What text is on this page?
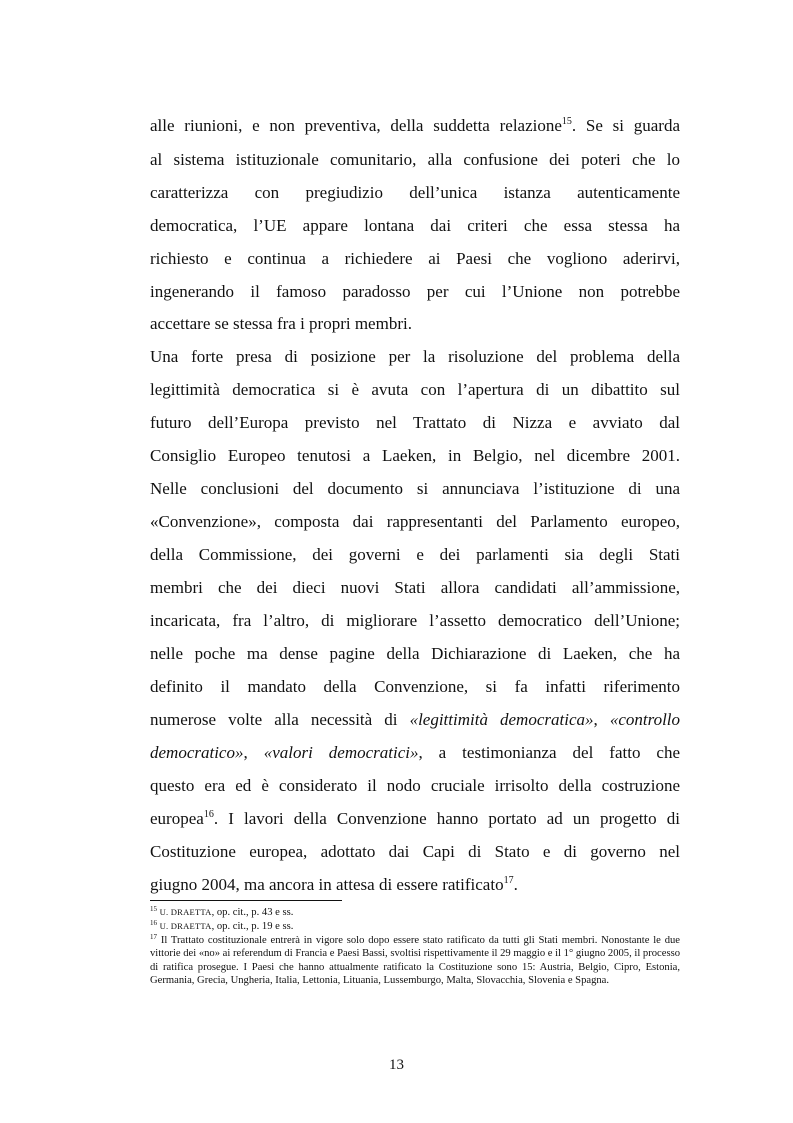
alle riunioni, e non preventiva, della suddetta relazione$^{15}$. Se si guarda
al sistema istituzionale comunitario, alla confusione dei poteri che lo
caratterizza con pregiudizio dell’unica istanza autenticamente
democratica, l’UE appare lontana dai criteri che essa stessa ha
richiesto e continua a richiedere ai Paesi che vogliono aderirvi,
ingenerando il famoso paradosso per cui l’Unione non potrebbe
accettare se stessa fra i propri membri.
Una forte presa di posizione per la risoluzione del problema della
legittimità democratica si è avuta con l’apertura di un dibattito sul
futuro dell’Europa previsto nel Trattato di Nizza e avviato dal
Consiglio Europeo tenutosi a Laeken, in Belgio, nel dicembre 2001.
Nelle conclusioni del documento si annunciava l’istituzione di una
«Convenzione», composta dai rappresentanti del Parlamento europeo,
della Commissione, dei governi e dei parlamenti sia degli Stati
membri che dei dieci nuovi Stati allora candidati all’ammissione,
incaricata, fra l’altro, di migliorare l’assetto democratico dell’Unione;
nelle poche ma dense pagine della Dichiarazione di Laeken, che ha
definito il mandato della Convenzione, si fa infatti riferimento
numerose volte alla necessità di «legittimità democratica», «controllo
democratico», «valori democratici», a testimonianza del fatto che
questo era ed è considerato il nodo cruciale irrisolto della costruzione
europea$^{16}$. I lavori della Convenzione hanno portato ad un progetto di
Costituzione europea, adottato dai Capi di Stato e di governo nel
giugno 2004, ma ancora in attesa di essere ratificato$^{17}$.
$^{15}$ U. DRAETTA, op. cit., p. 43 e ss.
$^{16}$ U. DRAETTA, op. cit., p. 19 e ss.
$^{17}$ Il Trattato costituzionale entrerà in vigore solo dopo essere stato ratificato da tutti gli Stati membri. Nonostante le due vittorie dei «no» ai referendum di Francia e Paesi Bassi, svoltisi rispettivamente il 29 maggio e il 1° giugno 2005, il processo di ratifica prosegue. I Paesi che hanno attualmente ratificato la Costituzione sono 15: Austria, Belgio, Cipro, Estonia, Germania, Grecia, Ungheria, Italia, Lettonia, Lituania, Lussemburgo, Malta, Slovacchia, Slovenia e Spagna.
13
